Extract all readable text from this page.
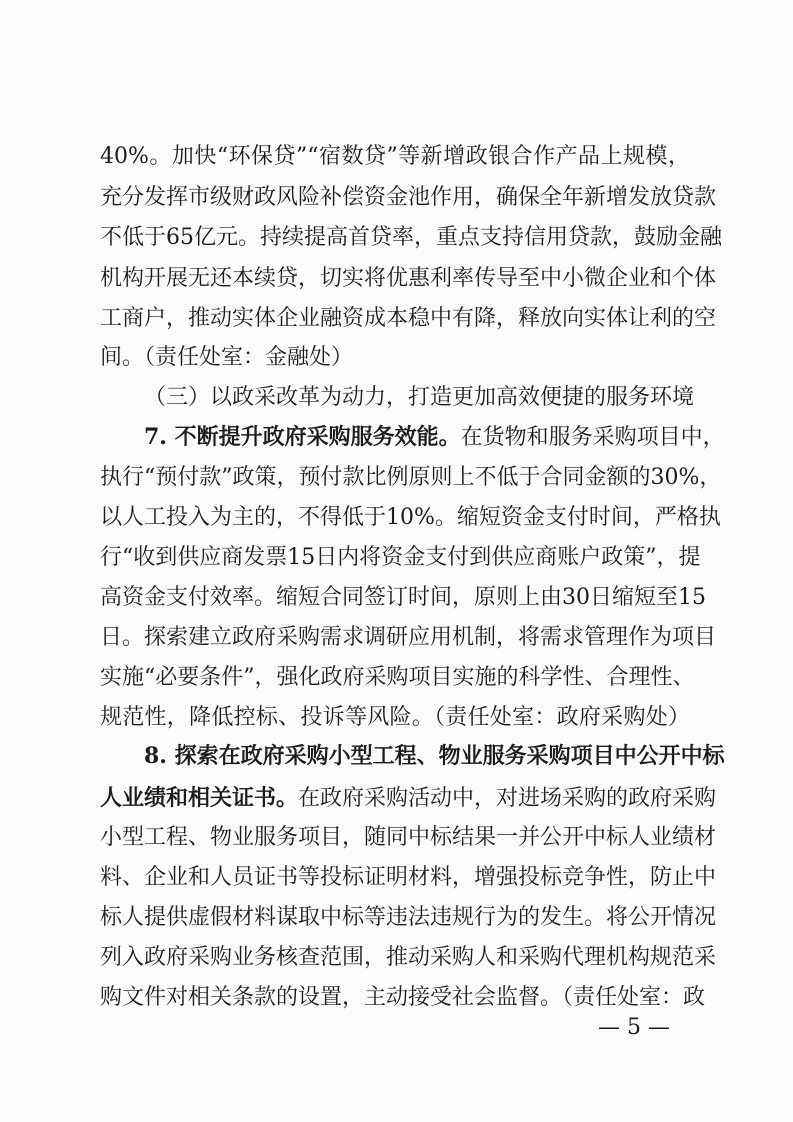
40%。加快“环保贷”“宿数贷”等新增政银合作产品上规模，
充分发挥市级财政风险补偿资金池作用，确保全年新增发放贷款
不低于65亿元。持续提高首贷率，重点支持信用贷款，鼓励金融
机构开展无还本续贷，切实将优惠利率传导至中小微企业和个体
工商户，推动实体企业融资成本稳中有降，释放向实体让利的空
间。（责任处室：金融处）
（三）以政采改革为动力，打造更加高效便捷的服务环境
7. 不断提升政府采购服务效能。在货物和服务采购项目中，
执行“预付款”政策，预付款比例原则上不低于合同金额的30%，
以人工投入为主的，不得低于10%。缩短资金支付时间，严格执
行“收到供应商发票15日内将资金支付到供应商账户政策”，提
高资金支付效率。缩短合同签订时间，原则上由30日缩短至15
日。探索建立政府采购需求调研应用机制，将需求管理作为项目
实施“必要条件”，强化政府采购项目实施的科学性、合理性、
规范性，降低控标、投诉等风险。（责任处室：政府采购处）
8. 探索在政府采购小型工程、物业服务采购项目中公开中标
人业绩和相关证书。在政府采购活动中，对进场采购的政府采购
小型工程、物业服务项目，随同中标结果一并公开中标人业绩材
料、企业和人员证书等投标证明材料，增强投标竞争性，防止中
标人提供虚假材料谋取中标等违法违规行为的发生。将公开情况
列入政府采购业务核查范围，推动采购人和采购代理机构规范采
购文件对相关条款的设置，主动接受社会监督。（责任处室：政
— 5 —
